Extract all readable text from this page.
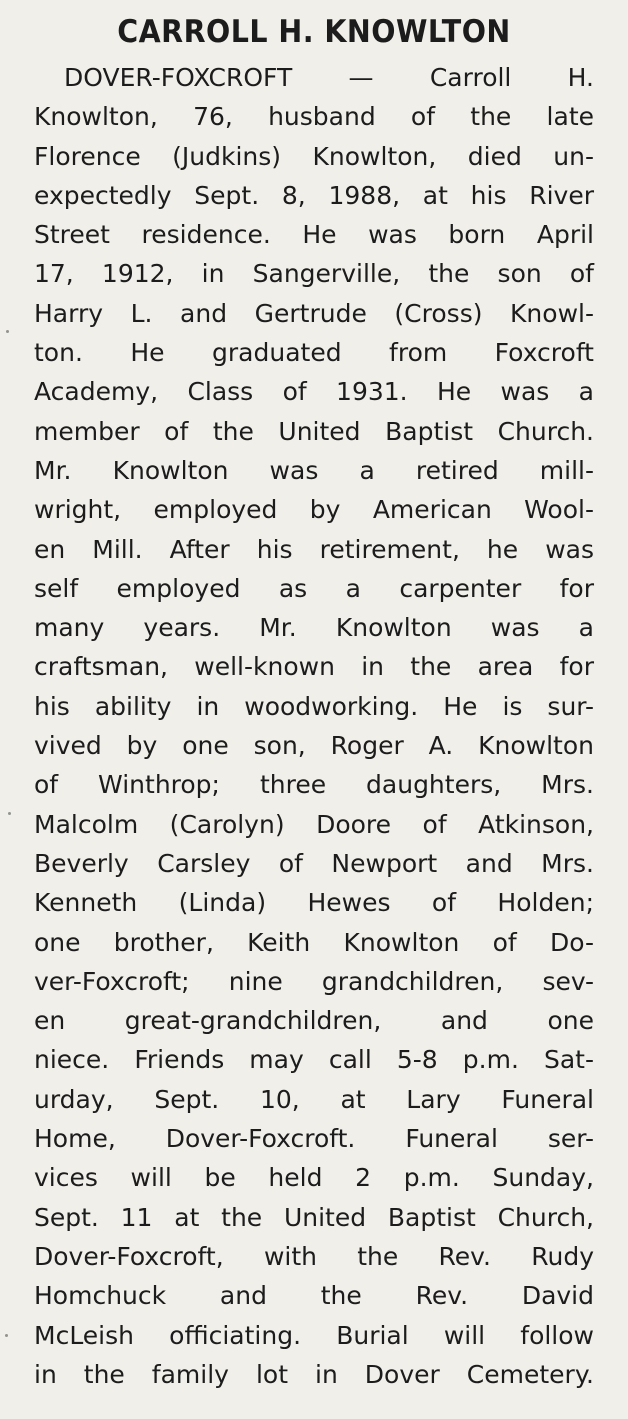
CARROLL H. KNOWLTON
DOVER-FOXCROFT — Carroll H.
Knowlton, 76, husband of the late
Florence (Judkins) Knowlton, died un-
expectedly Sept. 8, 1988, at his River
Street residence. He was born April
17, 1912, in Sangerville, the son of
Harry L. and Gertrude (Cross) Knowl-
ton. He graduated from Foxcroft
Academy, Class of 1931. He was a
member of the United Baptist Church.
Mr. Knowlton was a retired mill-
wright, employed by American Wool-
en Mill. After his retirement, he was
self employed as a carpenter for
many years. Mr. Knowlton was a
craftsman, well-known in the area for
his ability in woodworking. He is sur-
vived by one son, Roger A. Knowlton
of Winthrop; three daughters, Mrs.
Malcolm (Carolyn) Doore of Atkinson,
Beverly Carsley of Newport and Mrs.
Kenneth (Linda) Hewes of Holden;
one brother, Keith Knowlton of Do-
ver-Foxcroft; nine grandchildren, sev-
en great-grandchildren, and one
niece. Friends may call 5-8 p.m. Sat-
urday, Sept. 10, at Lary Funeral
Home, Dover-Foxcroft. Funeral ser-
vices will be held 2 p.m. Sunday,
Sept. 11 at the United Baptist Church,
Dover-Foxcroft, with the Rev. Rudy
Homchuck and the Rev. David
McLeish officiating. Burial will follow
in the family lot in Dover Cemetery.
